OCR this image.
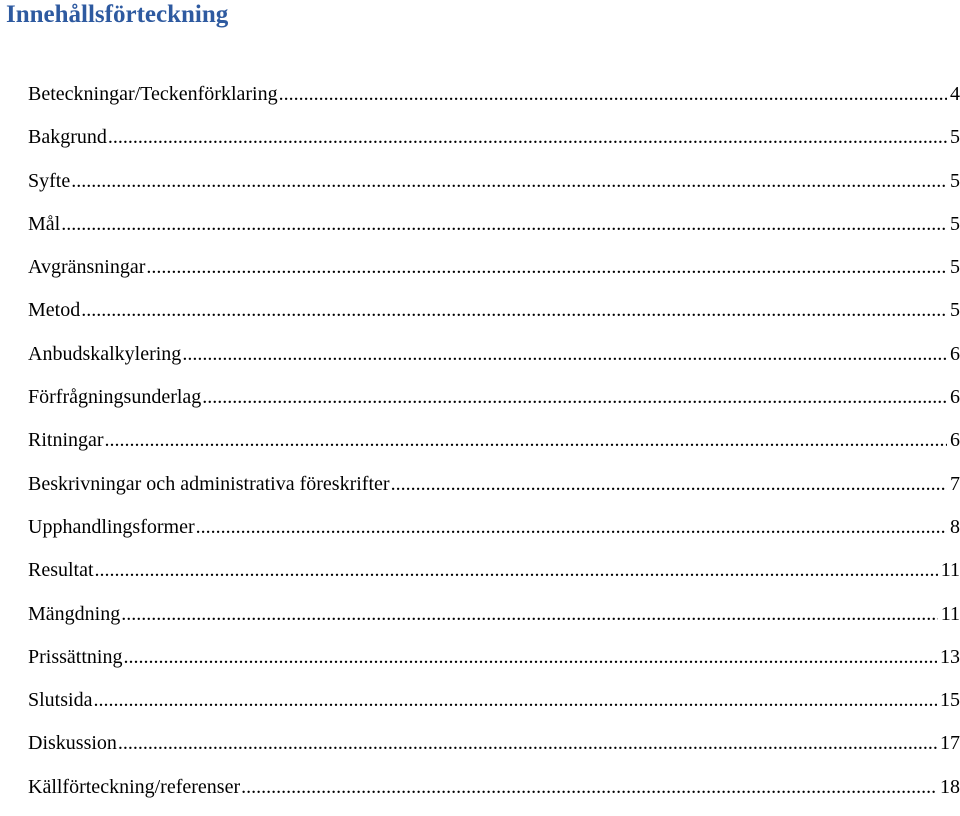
Innehållsförteckning
Beteckningar/Teckenförklaring .....	4
Bakgrund .....	5
Syfte .....	5
Mål .....	5
Avgränsningar .....	5
Metod .....	5
Anbudskalkylering .....	6
Förfrågningsunderlag .....	6
Ritningar .....	6
Beskrivningar och administrativa föreskrifter .....	7
Upphandlingsformer .....	8
Resultat .....	11
Mängdning .....	11
Prissättning .....	13
Slutsida .....	15
Diskussion .....	17
Källförteckning/referenser .....	18
